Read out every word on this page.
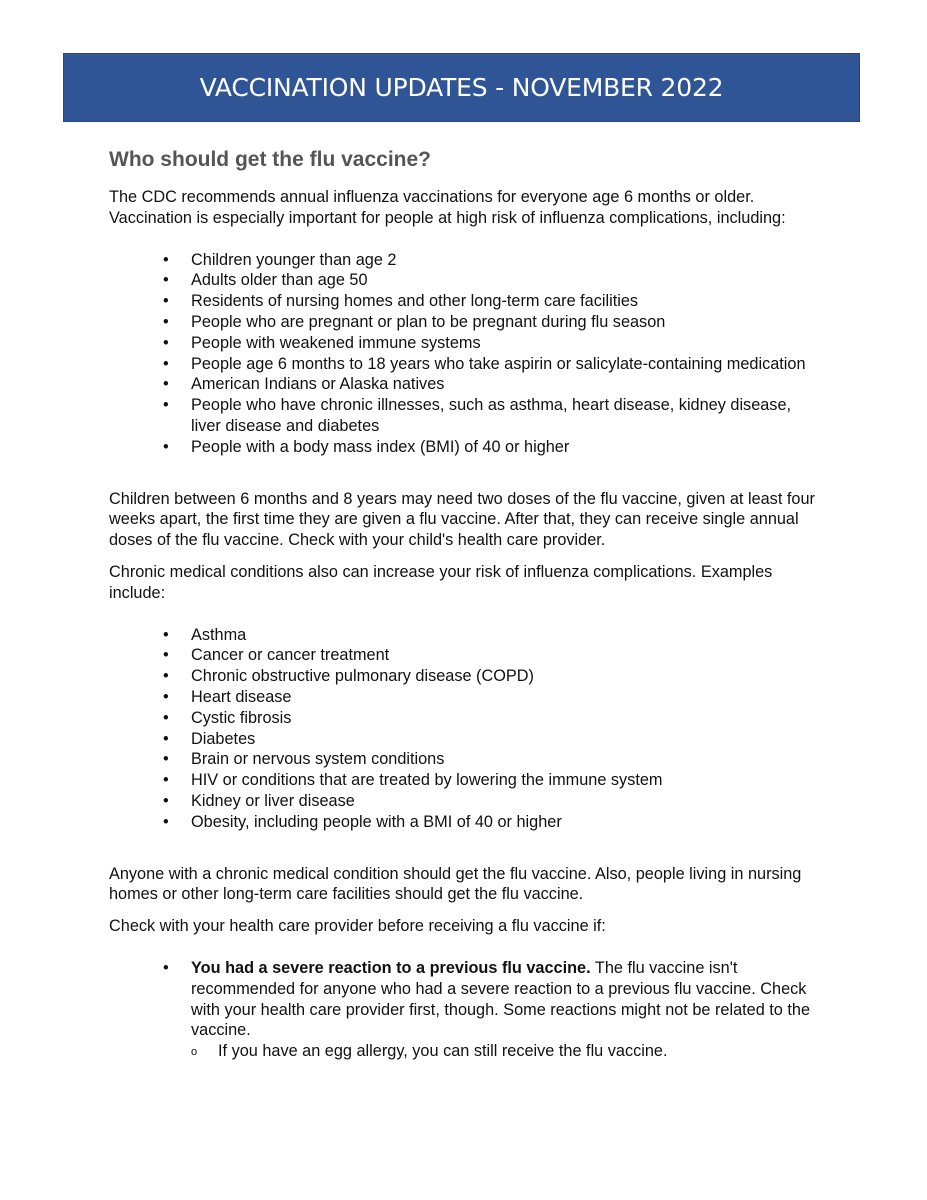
VACCINATION UPDATES - NOVEMBER 2022
Who should get the flu vaccine?

The CDC recommends annual influenza vaccinations for everyone age 6 months or older. Vaccination is especially important for people at high risk of influenza complications, including:

• Children younger than age 2
• Adults older than age 50
• Residents of nursing homes and other long-term care facilities
• People who are pregnant or plan to be pregnant during flu season
• People with weakened immune systems
• People age 6 months to 18 years who take aspirin or salicylate-containing medication
• American Indians or Alaska natives
• People who have chronic illnesses, such as asthma, heart disease, kidney disease, liver disease and diabetes
• People with a body mass index (BMI) of 40 or higher

Children between 6 months and 8 years may need two doses of the flu vaccine, given at least four weeks apart, the first time they are given a flu vaccine. After that, they can receive single annual doses of the flu vaccine. Check with your child's health care provider.

Chronic medical conditions also can increase your risk of influenza complications. Examples include:

• Asthma
• Cancer or cancer treatment
• Chronic obstructive pulmonary disease (COPD)
• Heart disease
• Cystic fibrosis
• Diabetes
• Brain or nervous system conditions
• HIV or conditions that are treated by lowering the immune system
• Kidney or liver disease
• Obesity, including people with a BMI of 40 or higher

Anyone with a chronic medical condition should get the flu vaccine. Also, people living in nursing homes or other long-term care facilities should get the flu vaccine.

Check with your health care provider before receiving a flu vaccine if:

• You had a severe reaction to a previous flu vaccine. The flu vaccine isn't recommended for anyone who had a severe reaction to a previous flu vaccine. Check with your health care provider first, though. Some reactions might not be related to the vaccine.
o If you have an egg allergy, you can still receive the flu vaccine.
